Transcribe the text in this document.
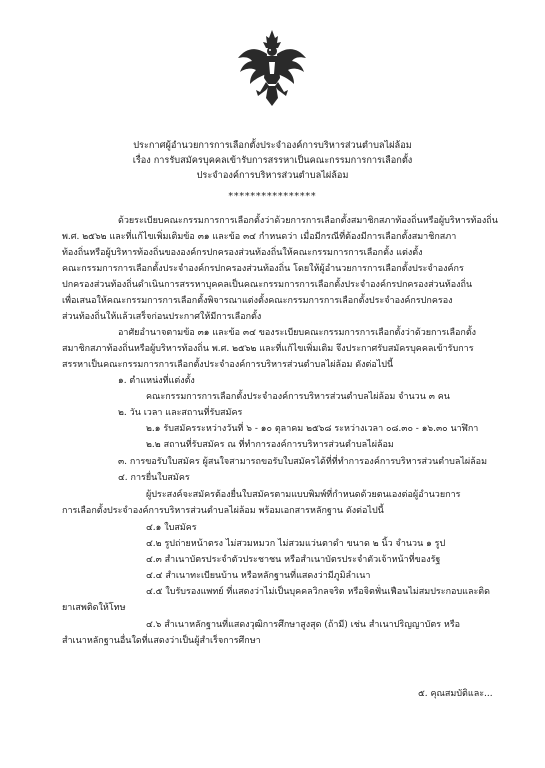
ประกาศผู้อำนวยการการเลือกตั้งประจำองค์การบริหารส่วนตำบลไผ่ล้อม
เรื่อง การรับสมัครบุคคลเข้ารับการสรรหาเป็นคณะกรรมการการเลือกตั้ง
ประจำองค์การบริหารส่วนตำบลไผ่ล้อม
****************
ด้วยระเบียบคณะกรรมการการเลือกตั้งว่าด้วยการการเลือกตั้งสมาชิกสภาท้องถิ่นหรือผู้บริหารท้องถิ่น
พ.ศ. ๒๕๖๒ และที่แก้ไขเพิ่มเติมข้อ ๓๑ และข้อ ๓๔ กำหนดว่า เมื่อมีกรณีที่ต้องมีการเลือกตั้งสมาชิกสภา
ท้องถิ่นหรือผู้บริหารท้องถิ่นขององค์กรปกครองส่วนท้องถิ่นให้คณะกรรมการการเลือกตั้ง แต่งตั้ง
คณะกรรมการการเลือกตั้งประจำองค์กรปกครองส่วนท้องถิ่น โดยให้ผู้อำนวยการการเลือกตั้งประจำองค์กร
ปกครองส่วนท้องถิ่นดำเนินการสรรหาบุคคลเป็นคณะกรรมการการเลือกตั้งประจำองค์กรปกครองส่วนท้องถิ่น
เพื่อเสนอให้คณะกรรมการการเลือกตั้งพิจารณาแต่งตั้งคณะกรรมการการเลือกตั้งประจำองค์กรปกครอง
ส่วนท้องถิ่นให้แล้วเสร็จก่อนประกาศให้มีการเลือกตั้ง
อาศัยอำนาจตามข้อ ๓๑ และข้อ ๓๔ ของระเบียบคณะกรรมการการเลือกตั้งว่าด้วยการเลือกตั้ง
สมาชิกสภาท้องถิ่นหรือผู้บริหารท้องถิ่น พ.ศ. ๒๕๖๒ และที่แก้ไขเพิ่มเติม จึงประกาศรับสมัครบุคคลเข้ารับการ
สรรหาเป็นคณะกรรมการการเลือกตั้งประจำองค์การบริหารส่วนตำบลไผ่ล้อม ดังต่อไปนี้
๑. ตำแหน่งที่แต่งตั้ง
คณะกรรมการการเลือกตั้งประจำองค์การบริหารส่วนตำบลไผ่ล้อม จำนวน ๓ คน
๒. วัน เวลา และสถานที่รับสมัคร
๒.๑ รับสมัครระหว่างวันที่ ๖ - ๑๐ ตุลาคม ๒๕๖๘ ระหว่างเวลา ๐๘.๓๐ - ๑๖.๓๐ นาฬิกา
๒.๒ สถานที่รับสมัคร ณ ที่ทำการองค์การบริหารส่วนตำบลไผ่ล้อม
๓. การขอรับใบสมัคร ผู้สนใจสามารถขอรับใบสมัครได้ที่ที่ทำการองค์การบริหารส่วนตำบลไผ่ล้อม
๔. การยื่นใบสมัคร
ผู้ประสงค์จะสมัครต้องยื่นใบสมัครตามแบบพิมพ์ที่กำหนดด้วยตนเองต่อผู้อำนวยการ
การเลือกตั้งประจำองค์การบริหารส่วนตำบลไผ่ล้อม พร้อมเอกสารหลักฐาน ดังต่อไปนี้
๔.๑ ใบสมัคร
๔.๒ รูปถ่ายหน้าตรง ไม่สวมหมวก ไม่สวมแว่นตาดำ ขนาด ๒ นิ้ว จำนวน ๑ รูป
๔.๓ สำเนาบัตรประจำตัวประชาชน หรือสำเนาบัตรประจำตัวเจ้าหน้าที่ของรัฐ
๔.๔ สำเนาทะเบียนบ้าน หรือหลักฐานที่แสดงว่ามีภูมิลำเนา
๔.๕ ใบรับรองแพทย์ ที่แสดงว่าไม่เป็นบุคคลวิกลจริต หรือจิตฟั่นเฟือนไม่สมประกอบและติด
ยาเสพติดให้โทษ
๔.๖ สำเนาหลักฐานที่แสดงวุฒิการศึกษาสูงสุด (ถ้ามี) เช่น สำเนาปริญญาบัตร หรือ
สำเนาหลักฐานอื่นใดที่แสดงว่าเป็นผู้สำเร็จการศึกษา
๕. คุณสมบัติและ...
